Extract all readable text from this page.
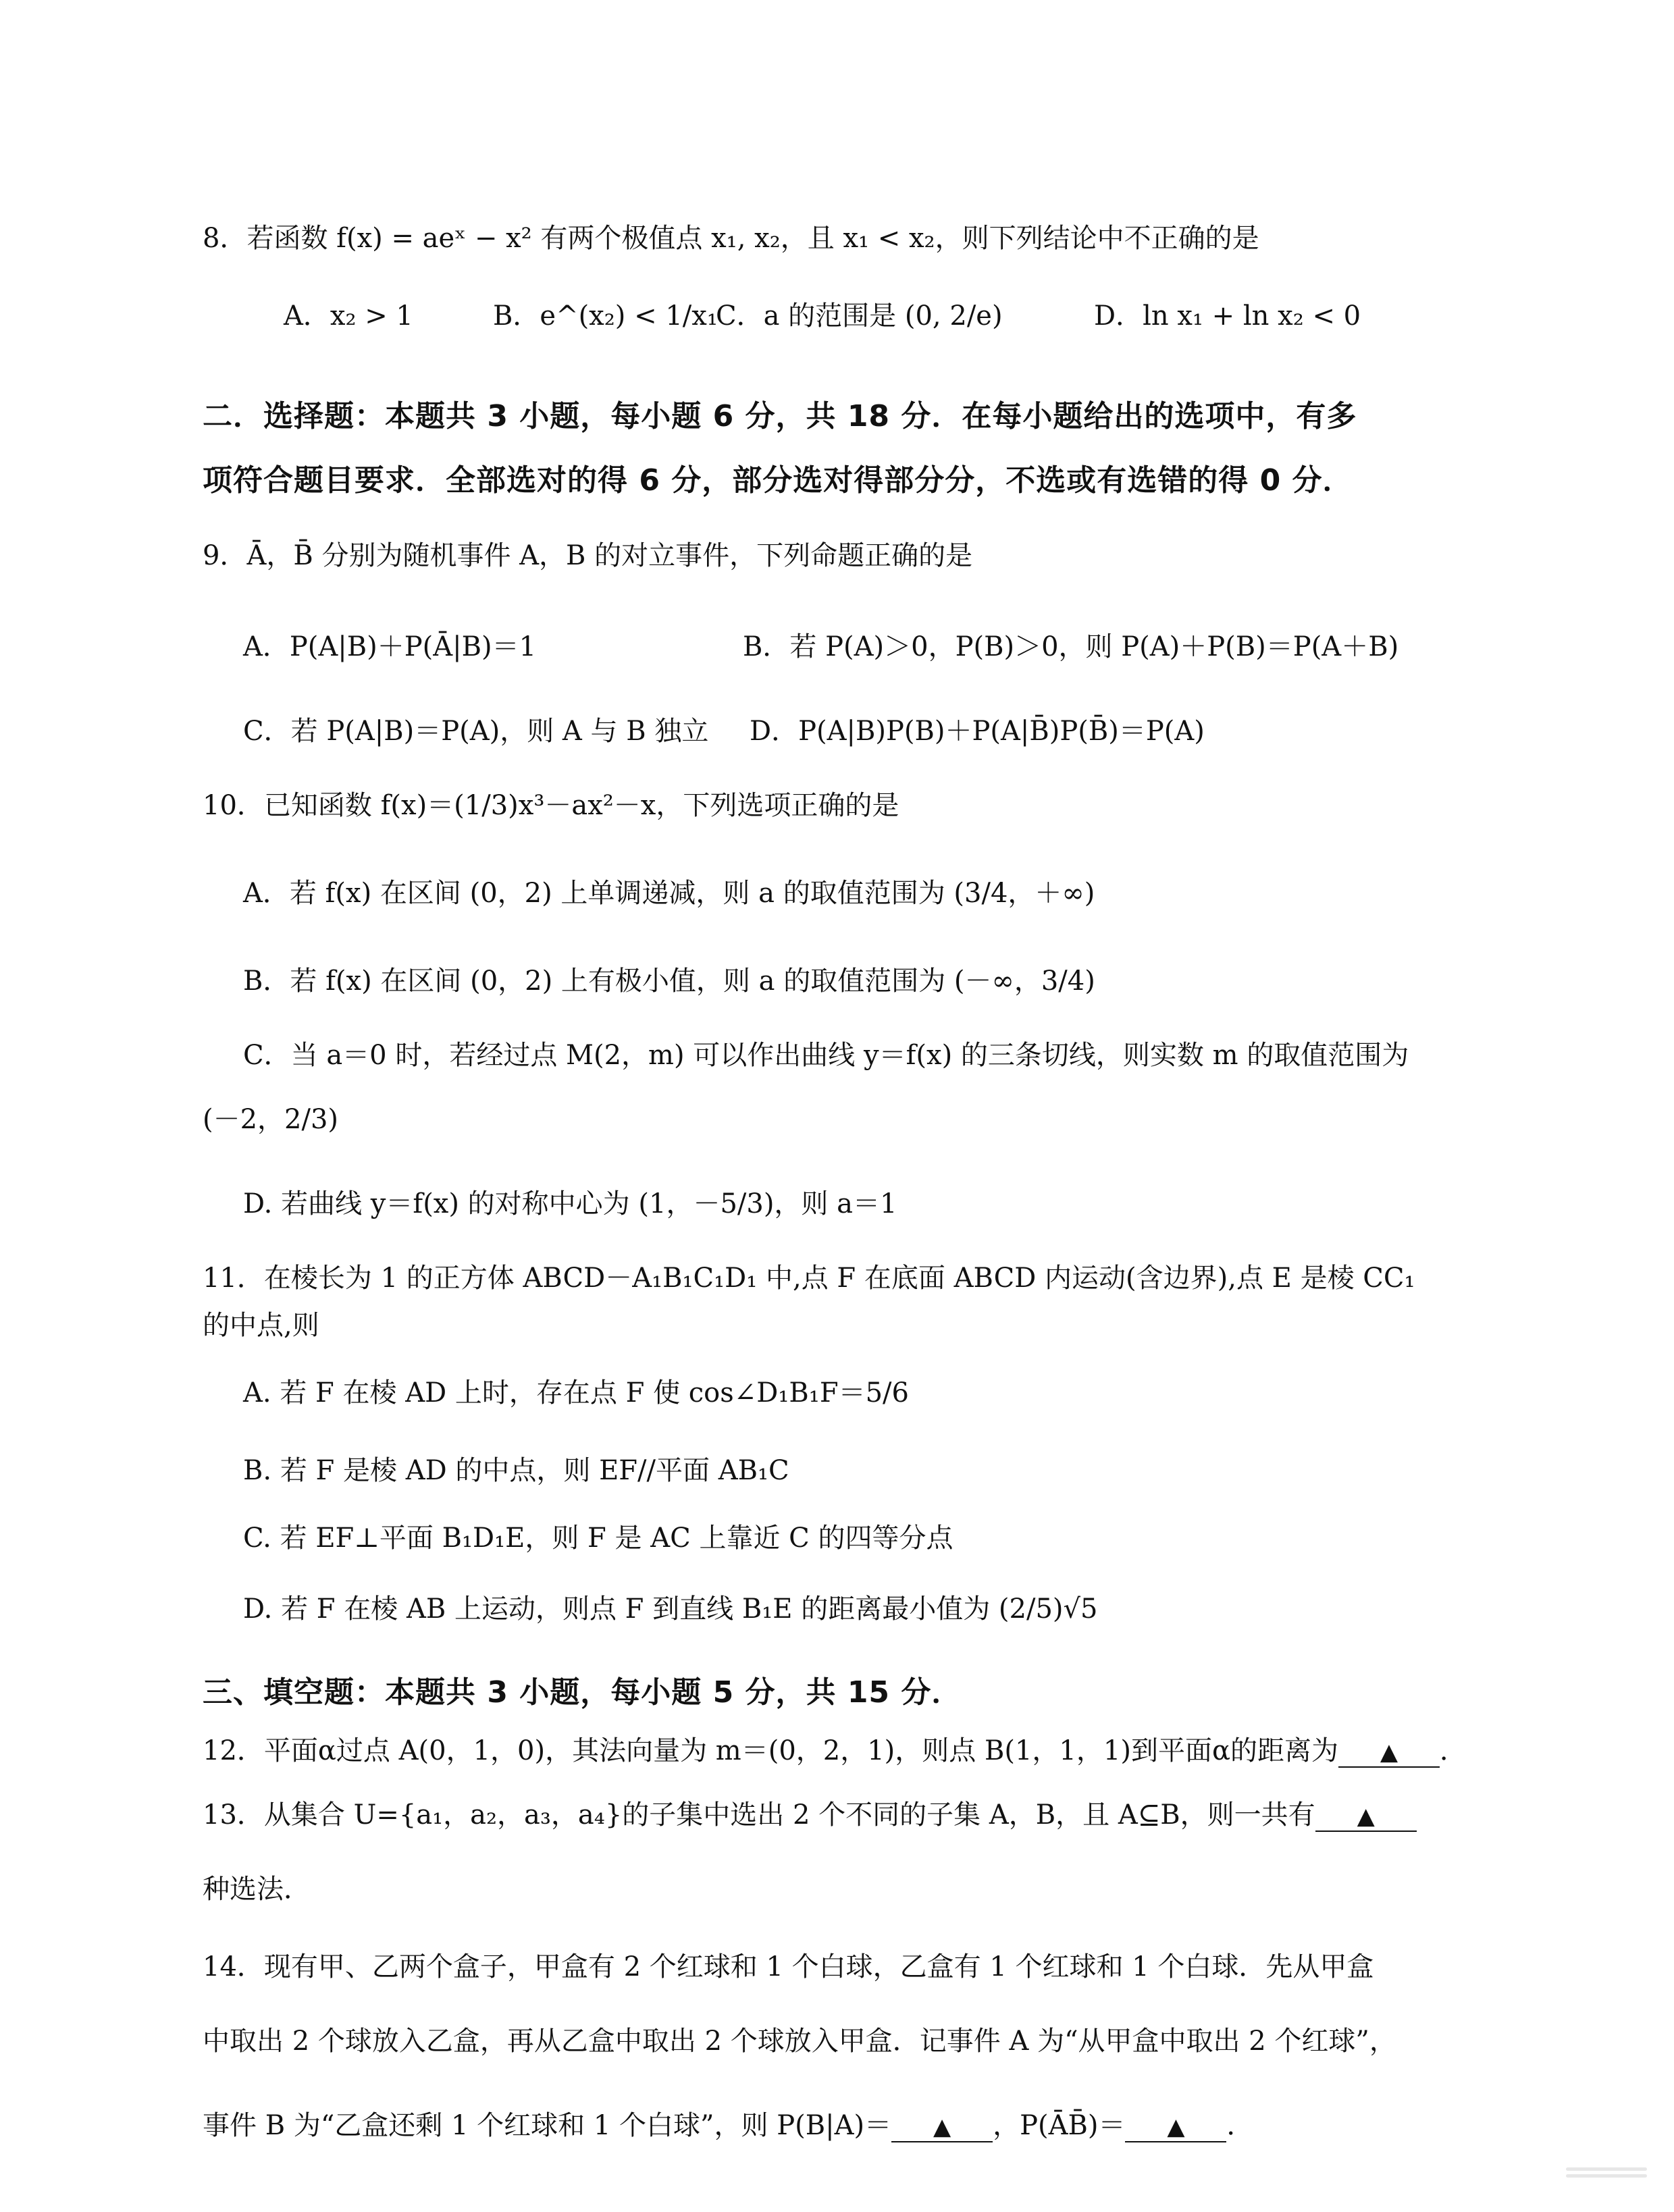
8．若函数 f(x) = aeˣ − x² 有两个极值点 x₁, x₂，且 x₁ < x₂，则下列结论中不正确的是
A．x₂ > 1	B．e^(x₂) < 1/x₁
C．a 的范围是 (0, 2/e)	D．ln x₁ + ln x₂ < 0
二．选择题：本题共 3 小题，每小题 6 分，共 18 分．在每小题给出的选项中，有多
项符合题目要求．全部选对的得 6 分，部分选对得部分分，不选或有选错的得 0 分．
9．Ā，B̄ 分别为随机事件 A，B 的对立事件，下列命题正确的是
A．P(A|B)＋P(Ā|B)＝1	B．若 P(A)＞0，P(B)＞0，则 P(A)＋P(B)＝P(A＋B)
C．若 P(A|B)＝P(A)，则 A 与 B 独立 D．P(A|B)P(B)＋P(A|B̄)P(B̄)＝P(A)
10．已知函数 f(x)＝(1/3)x³－ax²－x，下列选项正确的是
A．若 f(x) 在区间 (0，2) 上单调递减，则 a 的取值范围为 (3/4，＋∞)
B．若 f(x) 在区间 (0，2) 上有极小值，则 a 的取值范围为 (－∞，3/4)
C．当 a＝0 时，若经过点 M(2，m) 可以作出曲线 y＝f(x) 的三条切线，则实数 m 的取值范围为
(－2，2/3)
D. 若曲线 y＝f(x) 的对称中心为 (1，－5/3)，则 a＝1
11．在棱长为 1 的正方体 ABCD－A₁B₁C₁D₁ 中,点 F 在底面 ABCD 内运动(含边界),点 E 是棱 CC₁
的中点,则
A. 若 F 在棱 AD 上时，存在点 F 使 cos∠D₁B₁F＝5/6
B. 若 F 是棱 AD 的中点，则 EF//平面 AB₁C
C. 若 EF⊥平面 B₁D₁E，则 F 是 AC 上靠近 C 的四等分点
D. 若 F 在棱 AB 上运动，则点 F 到直线 B₁E 的距离最小值为 (2/5)√5
三、填空题：本题共 3 小题，每小题 5 分，共 15 分．
12．平面α过点 A(0，1，0)，其法向量为 m＝(0，2，1)，则点 B(1，1，1)到平面α的距离为 ▲ ．
13．从集合 U={a₁，a₂，a₃，a₄}的子集中选出 2 个不同的子集 A，B，且 A⊆B，则一共有 ▲
种选法．
14．现有甲、乙两个盒子，甲盒有 2 个红球和 1 个白球，乙盒有 1 个红球和 1 个白球．先从甲盒
中取出 2 个球放入乙盒，再从乙盒中取出 2 个球放入甲盒．记事件 A 为“从甲盒中取出 2 个红球”，
事件 B 为“乙盒还剩 1 个红球和 1 个白球”，则 P(B|A)＝ ▲ ，P(ĀB̄)＝ ▲ ．
